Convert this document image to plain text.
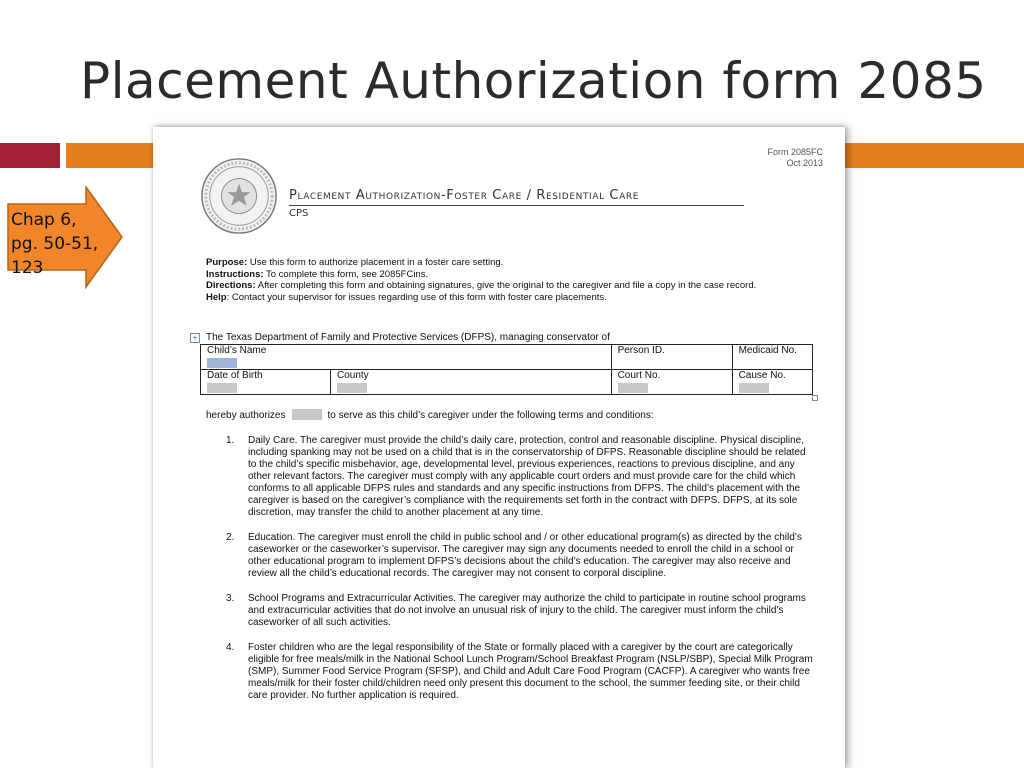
Placement Authorization form 2085
Form 2085FC
Oct 2013
Placement Authorization-Foster Care / Residential Care
CPS
Purpose: Use this form to authorize placement in a foster care setting.
Instructions: To complete this form, see 2085FCins.
Directions: After completing this form and obtaining signatures, give the original to the caregiver and file a copy in the case record.
Help: Contact your supervisor for issues regarding use of this form with foster care placements.
+ The Texas Department of Family and Protective Services (DFPS), managing conservator of
Child’s Name		Person ID.	Medicaid No.
Date of Birth	County	Court No.	Cause No.
hereby authorizes	to serve as this child’s caregiver under the following terms and conditions:
1. Daily Care. The caregiver must provide the child’s daily care, protection, control and reasonable discipline. Physical discipline, including spanking may not be used on a child that is in the conservatorship of DFPS. Reasonable discipline should be related to the child’s specific misbehavior, age, developmental level, previous experiences, reactions to previous discipline, and any other relevant factors. The caregiver must comply with any applicable court orders and must provide care for the child which conforms to all applicable DFPS rules and standards and any specific instructions from DFPS. The child’s placement with the caregiver is based on the caregiver’s compliance with the requirements set forth in the contract with DFPS. DFPS, at its sole discretion, may transfer the child to another placement at any time.
2. Education. The caregiver must enroll the child in public school and / or other educational program(s) as directed by the child’s caseworker or the caseworker’s supervisor. The caregiver may sign any documents needed to enroll the child in a school or other educational program to implement DFPS’s decisions about the child’s education. The caregiver may also receive and review all the child’s educational records. The caregiver may not consent to corporal discipline.
3. School Programs and Extracurricular Activities. The caregiver may authorize the child to participate in routine school programs and extracurricular activities that do not involve an unusual risk of injury to the child. The caregiver must inform the child’s caseworker of all such activities.
4. Foster children who are the legal responsibility of the State or formally placed with a caregiver by the court are categorically eligible for free meals/milk in the National School Lunch Program/School Breakfast Program (NSLP/SBP), Special Milk Program (SMP), Summer Food Service Program (SFSP), and Child and Adult Care Food Program (CACFP). A caregiver who wants free meals/milk for their foster child/children need only present this document to the school, the summer feeding site, or their child care provider. No further application is required.
Chap 6,
pg. 50-51,
123
